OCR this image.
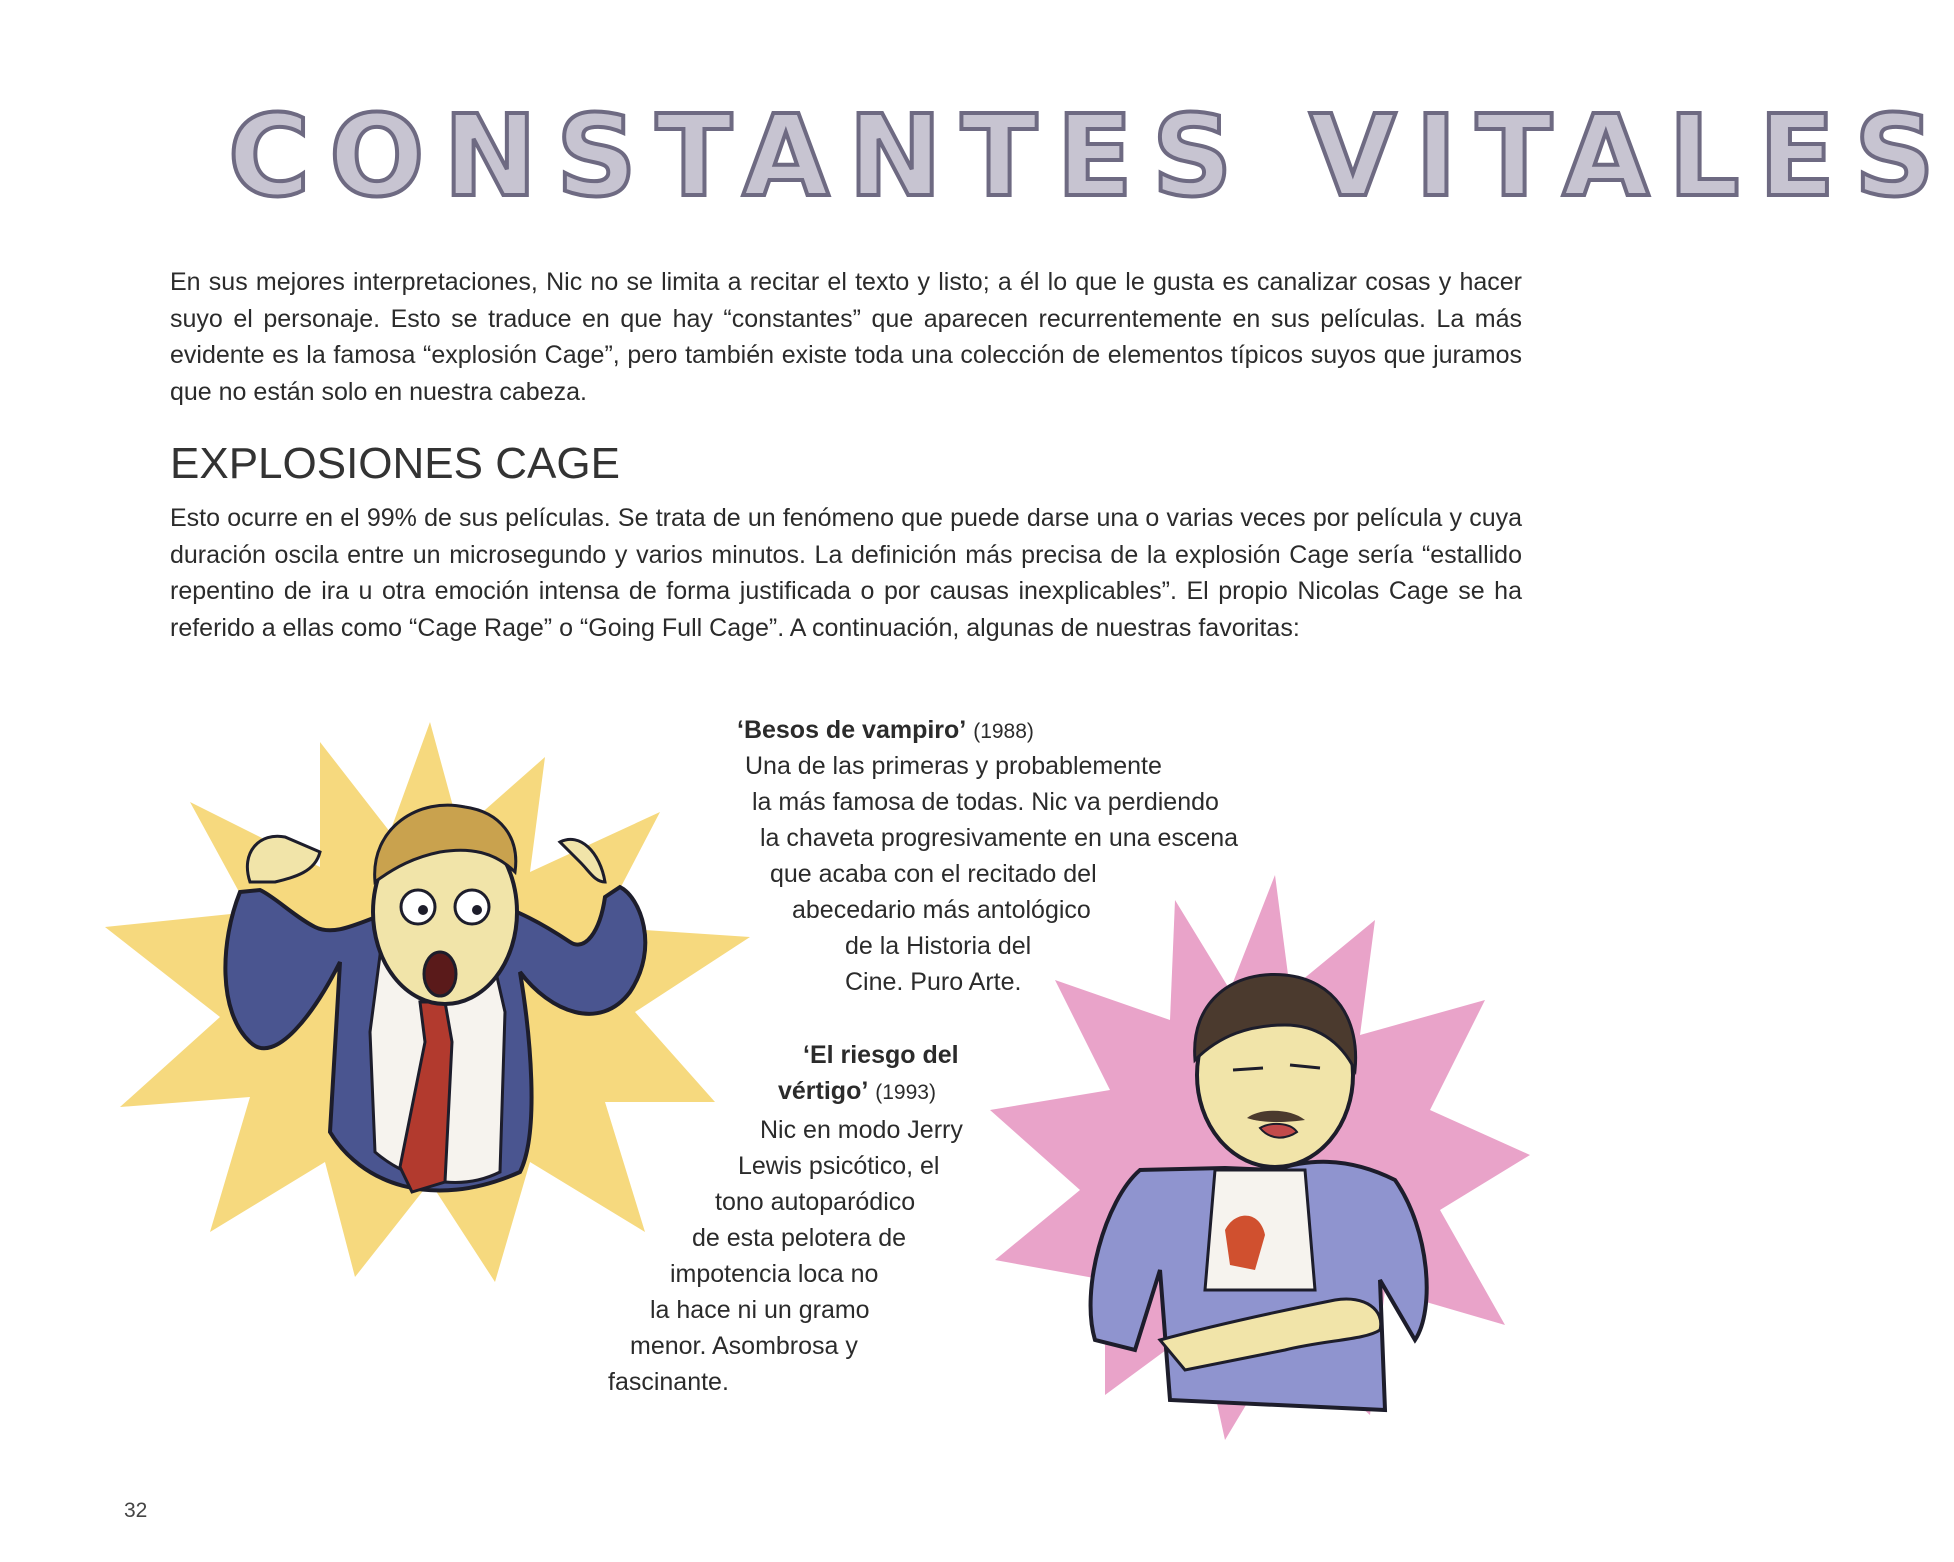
CONSTANTES VITALES

En sus mejores interpretaciones, Nic no se limita a recitar el texto y listo; a él lo que le gusta es canalizar cosas y hacer suyo el personaje. Esto se traduce en que hay “constantes” que aparecen recurrentemente en sus películas. La más evidente es la famosa “explosión Cage”, pero también existe toda una colección de elementos típicos suyos que juramos que no están solo en nuestra cabeza.

EXPLOSIONES CAGE

Esto ocurre en el 99% de sus películas. Se trata de un fenómeno que puede darse una o varias veces por película y cuya duración oscila entre un microsegundo y varios minutos. La definición más precisa de la explosión Cage sería “estallido repentino de ira u otra emoción intensa de forma justificada o por causas inexplicables”. El propio Nicolas Cage se ha referido a ellas como “Cage Rage” o “Going Full Cage”. A continuación, algunas de nuestras favoritas:

‘Besos de vampiro’ (1988)
Una de las primeras y probablemente
la más famosa de todas. Nic va perdiendo
la chaveta progresivamente en una escena
que acaba con el recitado del
abecedario más antológico
de la Historia del
Cine. Puro Arte.
‘El riesgo del
vértigo’ (1993)
Nic en modo Jerry
Lewis psicótico, el
tono autoparódico
de esta pelotera de
impotencia loca no
la hace ni un gramo
menor. Asombrosa y
fascinante.
32
